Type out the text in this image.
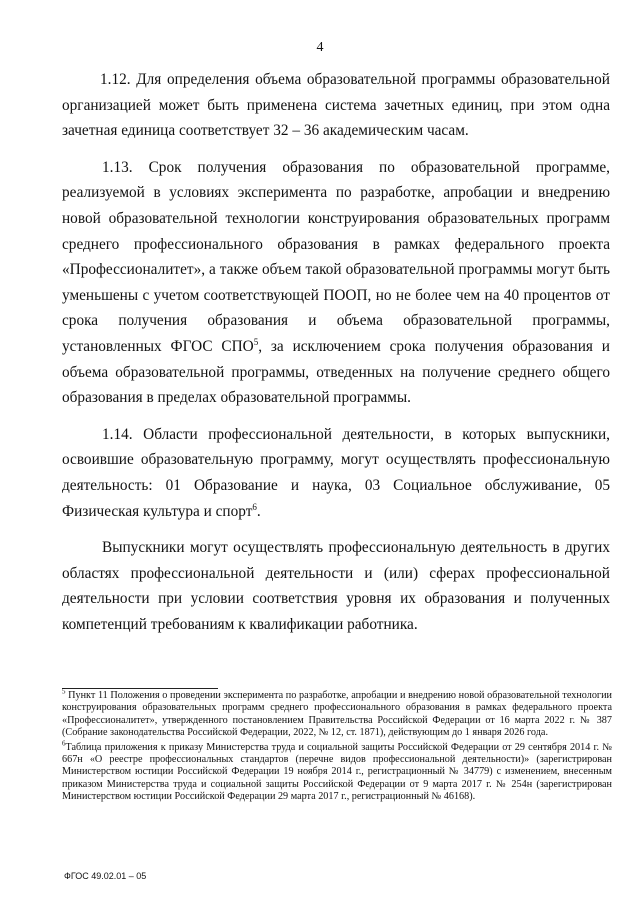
4

1.12. Для определения объема образовательной программы образовательной организацией может быть применена система зачетных единиц, при этом одна зачетная единица соответствует 32 – 36 академическим часам.

1.13. Срок получения образования по образовательной программе, реализуемой в условиях эксперимента по разработке, апробации и внедрению новой образовательной технологии конструирования образовательных программ среднего профессионального образования в рамках федерального проекта «Профессионалитет», а также объем такой образовательной программы могут быть уменьшены с учетом соответствующей ПООП, но не более чем на 40 процентов от срока получения образования и объема образовательной программы, установленных ФГОС СПО$^5$, за исключением срока получения образования и объема образовательной программы, отведенных на получение среднего общего образования в пределах образовательной программы.

1.14. Области профессиональной деятельности, в которых выпускники, освоившие образовательную программу, могут осуществлять профессиональную деятельность: 01 Образование и наука, 03 Социальное обслуживание, 05 Физическая культура и спорт$^6$.

Выпускники могут осуществлять профессиональную деятельность в других областях профессиональной деятельности и (или) сферах профессиональной деятельности при условии соответствия уровня их образования и полученных компетенций требованиям к квалификации работника.

$^5$ Пункт 11 Положения о проведении эксперимента по разработке, апробации и внедрению новой образовательной технологии конструирования образовательных программ среднего профессионального образования в рамках федерального проекта «Профессионалитет», утвержденного постановлением Правительства Российской Федерации от 16 марта 2022 г. № 387 (Собрание законодательства Российской Федерации, 2022, № 12, ст. 1871), действующим до 1 января 2026 года.

$^6$Таблица приложения к приказу Министерства труда и социальной защиты Российской Федерации от 29 сентября 2014 г. № 667н «О реестре профессиональных стандартов (перечне видов профессиональной деятельности)» (зарегистрирован Министерством юстиции Российской Федерации 19 ноября 2014 г., регистрационный № 34779) с изменением, внесенным приказом Министерства труда и социальной защиты Российской Федерации от 9 марта 2017 г. № 254н (зарегистрирован Министерством юстиции Российской Федерации 29 марта 2017 г., регистрационный № 46168).

ФГОС 49.02.01 – 05
